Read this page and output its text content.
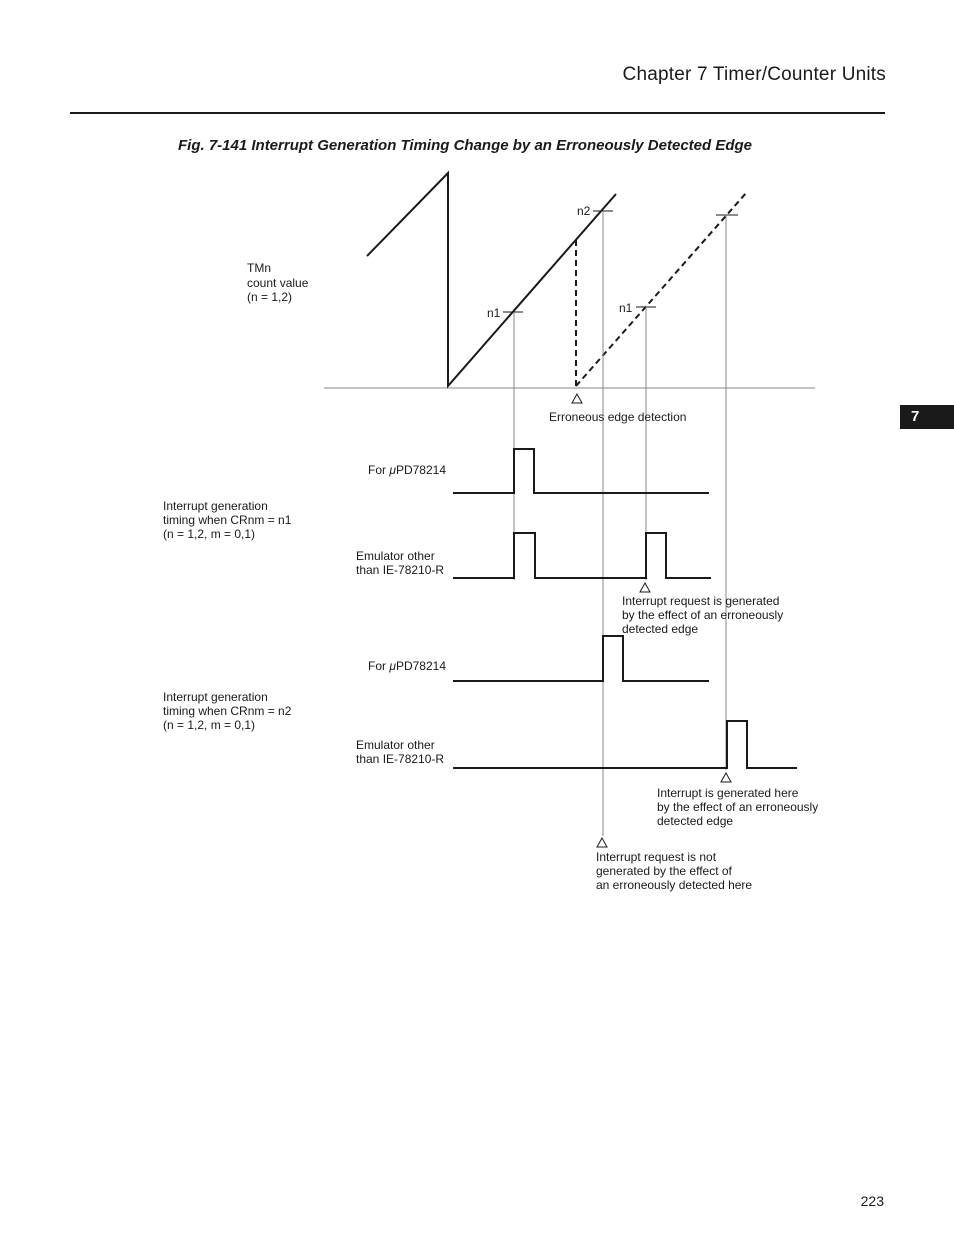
Chapter 7 Timer/Counter Units
Fig. 7-141 Interrupt Generation Timing Change by an Erroneously Detected Edge
7
223
n1
n2
n1
TMn count value (n = 1,2)
Erroneous edge detection
Interrupt generation timing when CRnm = n1 (n = 1,2, m = 0,1)
For μPD78214
Emulator other than IE-78210-R
Interrupt request is generated by the effect of an erroneously detected edge
Interrupt generation timing when CRnm = n2 (n = 1,2, m = 0,1)
For μPD78214
Emulator other than IE-78210-R
Interrupt is generated here by the effect of an erroneously detected edge
Interrupt request is not generated by the effect of an erroneously detected here
